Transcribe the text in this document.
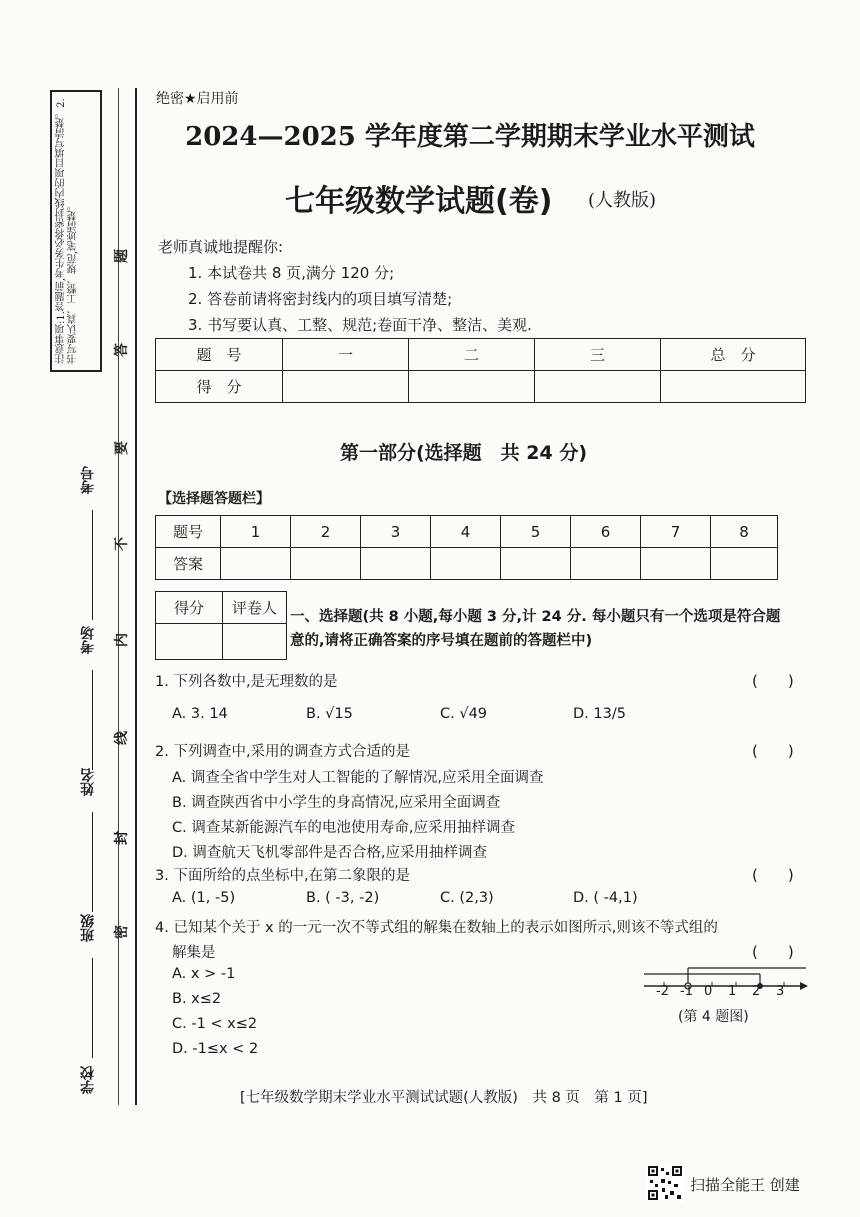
注意事项:1.答题前,考生务必将密封线内的项目填写清楚。2.书写要认真、工整、规范,笔迹清楚。	题
答
要
不
内
线
封
密
考号
考场
姓名
班级
学校
绝密★启用前
2024—2025 学年度第二学期期末学业水平测试
七年级数学试题(卷) (人教版)
老师真诚地提醒你:
1. 本试卷共 8 页,满分 120 分;
2. 答卷前请将密封线内的项目填写清楚;
3. 书写要认真、工整、规范;卷面干净、整洁、美观.
题　号	一	二	三	总　分
得　分				
第一部分(选择题　共 24 分)
【选择题答题栏】
题号	1	2	3	4	5	6	7	8
答案								
得分	评卷人
	一、选择题(共 8 小题,每小题 3 分,计 24 分. 每小题只有一个选项是符合题意的,请将正确答案的序号填在题前的答题栏中)
1. 下列各数中,是无理数的是	(　　)
A. 3. 14	B. √15	C. √49	D. 13/5
2. 下列调查中,采用的调查方式合适的是	(　　)
A. 调查全省中学生对人工智能的了解情况,应采用全面调查
B. 调查陕西省中小学生的身高情况,应采用全面调查
C. 调查某新能源汽车的电池使用寿命,应采用抽样调查
D. 调查航天飞机零部件是否合格,应采用抽样调查
3. 下面所给的点坐标中,在第二象限的是	(　　)
A. (1, -5)	B. ( -3, -2)	C. (2,3)	D. ( -4,1)
4. 已知某个关于 x 的一元一次不等式组的解集在数轴上的表示如图所示,则该不等式组的
解集是	(　　)
A. x > -1
B. x≤2
C. -1 < x≤2
D. -1≤x < 2
-2 -1 0 1 2 3
(第 4 题图)
[七年级数学期末学业水平测试试题(人教版)　共 8 页　第 1 页]
扫描全能王 创建
